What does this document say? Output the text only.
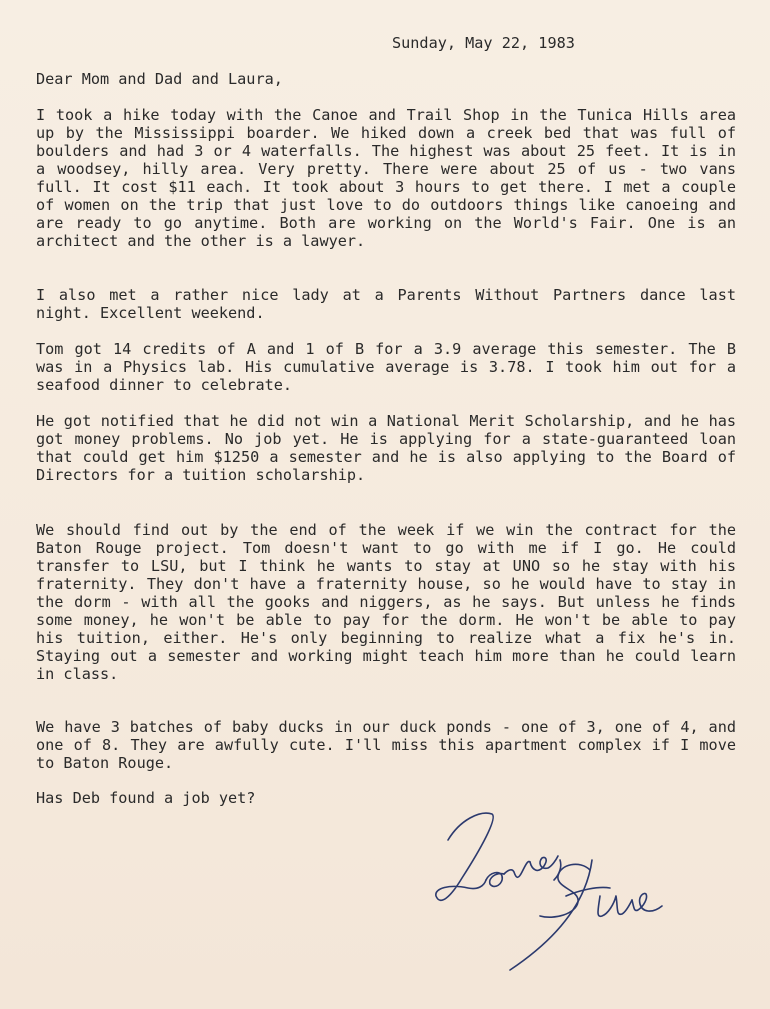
Sunday, May 22, 1983
Dear Mom and Dad and Laura,
I took a hike today with the Canoe and Trail Shop in the Tunica Hills area up by the Mississippi boarder. We hiked down a creek bed that was full of boulders and had 3 or 4 waterfalls. The highest was about 25 feet. It is in a woodsey, hilly area. Very pretty. There were about 25 of us - two vans full. It cost $11 each. It took about 3 hours to get there. I met a couple of women on the trip that just love to do outdoors things like canoeing and are ready to go anytime. Both are working on the World's Fair. One is an architect and the other is a lawyer.
I also met a rather nice lady at a Parents Without Partners dance last night. Excellent weekend.
Tom got 14 credits of A and 1 of B for a 3.9 average this semester. The B was in a Physics lab. His cumulative average is 3.78. I took him out for a seafood dinner to celebrate.
He got notified that he did not win a National Merit Scholarship, and he has got money problems. No job yet. He is applying for a state-guaranteed loan that could get him $1250 a semester and he is also applying to the Board of Directors for a tuition scholarship.
We should find out by the end of the week if we win the contract for the Baton Rouge project. Tom doesn't want to go with me if I go. He could transfer to LSU, but I think he wants to stay at UNO so he stay with his fraternity. They don't have a fraternity house, so he would have to stay in the dorm - with all the gooks and niggers, as he says. But unless he finds some money, he won't be able to pay for the dorm. He won't be able to pay his tuition, either. He's only beginning to realize what a fix he's in. Staying out a semester and working might teach him more than he could learn in class.
We have 3 batches of baby ducks in our duck ponds - one of 3, one of 4, and one of 8. They are awfully cute. I'll miss this apartment complex if I move to Baton Rouge.
Has Deb found a job yet?
